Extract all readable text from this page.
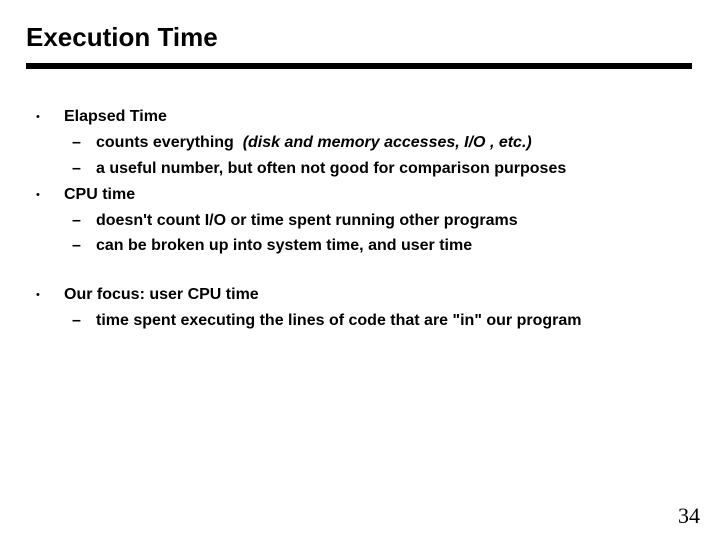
Execution Time
• Elapsed Time
– counts everything (disk and memory accesses, I/O , etc.)
– a useful number, but often not good for comparison purposes
• CPU time
– doesn't count I/O or time spent running other programs
– can be broken up into system time, and user time
• Our focus: user CPU time
– time spent executing the lines of code that are "in" our program
34
